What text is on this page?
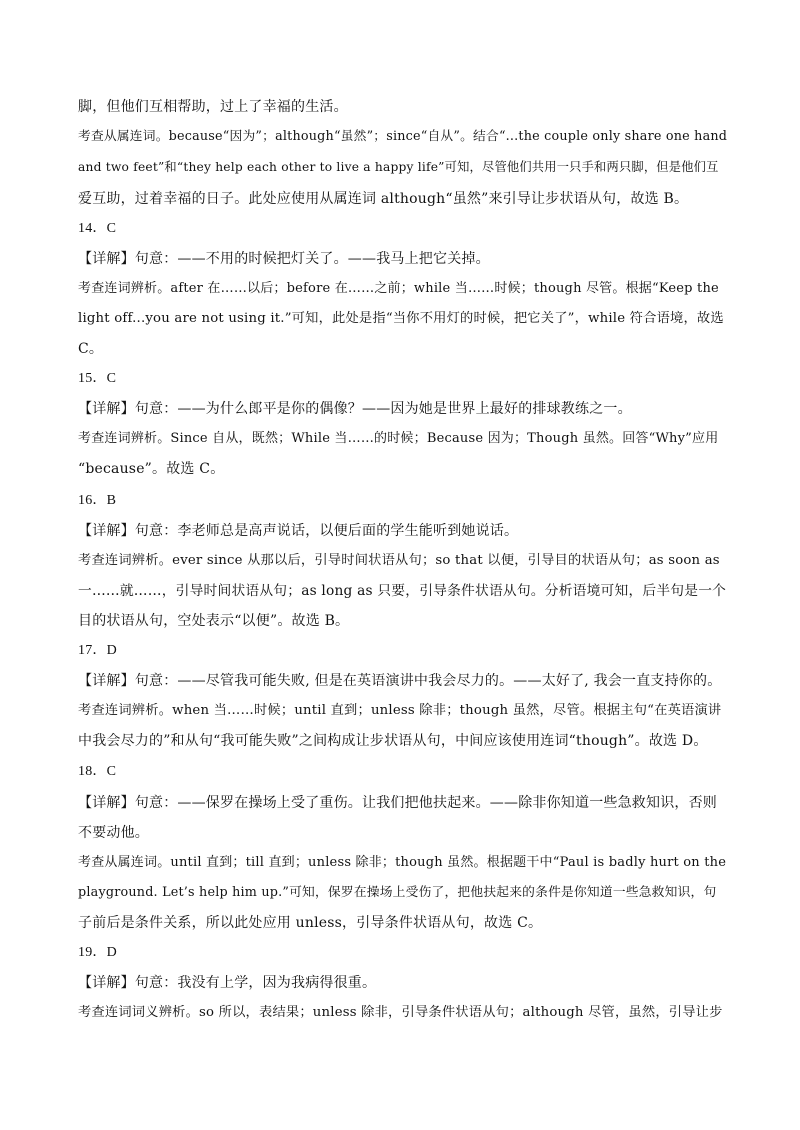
脚，但他们互相帮助，过上了幸福的生活。
考查从属连词。because“因为”；although“虽然”；since“自从”。结合“...the couple only share one hand
and two feet”和“they help each other to live a happy life”可知，尽管他们共用一只手和两只脚，但是他们互
爱互助，过着幸福的日子。此处应使用从属连词 although“虽然”来引导让步状语从句，故选 B。
14．C
【详解】句意：——不用的时候把灯关了。——我马上把它关掉。
考查连词辨析。after 在……以后；before 在……之前；while 当……时候；though 尽管。根据“Keep the
light off...you are not using it.”可知，此处是指“当你不用灯的时候，把它关了”，while 符合语境，故选
C。
15．C
【详解】句意：——为什么郎平是你的偶像？——因为她是世界上最好的排球教练之一。
考查连词辨析。Since 自从，既然；While 当……的时候；Because 因为；Though 虽然。回答“Why”应用
“because”。故选 C。
16．B
【详解】句意：李老师总是高声说话，以便后面的学生能听到她说话。
考查连词辨析。ever since 从那以后，引导时间状语从句；so that 以便，引导目的状语从句；as soon as
一……就……，引导时间状语从句；as long as 只要，引导条件状语从句。分析语境可知，后半句是一个
目的状语从句，空处表示“以便”。故选 B。
17．D
【详解】句意：——尽管我可能失败, 但是在英语演讲中我会尽力的。——太好了, 我会一直支持你的。
考查连词辨析。when 当……时候；until 直到；unless 除非；though 虽然，尽管。根据主句“在英语演讲
中我会尽力的”和从句“我可能失败”之间构成让步状语从句，中间应该使用连词“though”。故选 D。
18．C
【详解】句意：——保罗在操场上受了重伤。让我们把他扶起来。——除非你知道一些急救知识，否则
不要动他。
考查从属连词。until 直到；till 直到；unless 除非；though 虽然。根据题干中“Paul is badly hurt on the
playground. Let’s help him up.”可知，保罗在操场上受伤了，把他扶起来的条件是你知道一些急救知识，句
子前后是条件关系，所以此处应用 unless，引导条件状语从句，故选 C。
19．D
【详解】句意：我没有上学，因为我病得很重。
考查连词词义辨析。so 所以，表结果；unless 除非，引导条件状语从句；although 尽管，虽然，引导让步
